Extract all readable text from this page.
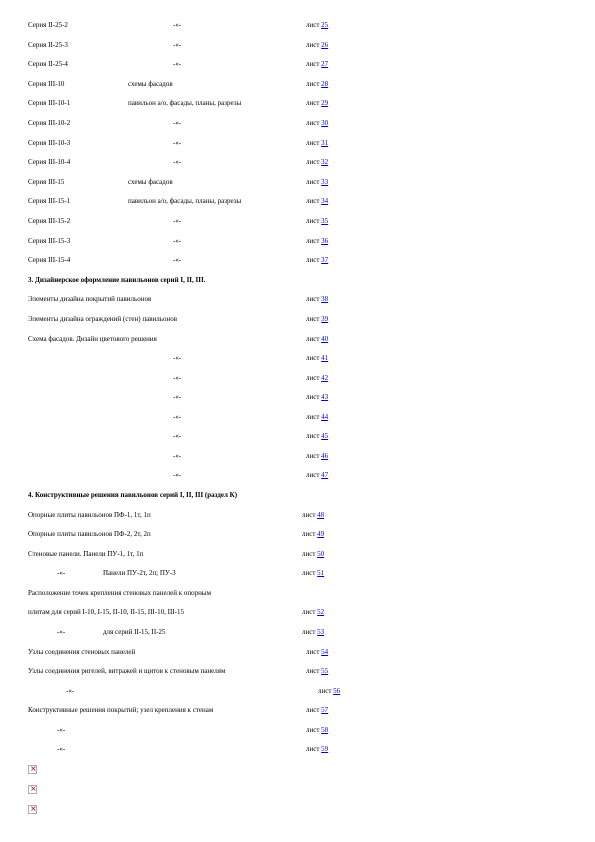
Серия II-25-2	-«-	лист 25
Серия II-25-3	-«-	лист 26
Серия II-25-4	-«-	лист 27
Серия III-10	схемы фасадов	лист 28
Серия III-10-1	павильон а/о, фасады, планы, разрезы	лист 29
Серия III-10-2	-«-	лист 30
Серия III-10-3	-«-	лист 31
Серия III-10-4	-«-	лист 32
Серия III-15	схемы фасадов	лист 33
Серия III-15-1	павильон а/о, фасады, планы, разрезы	лист 34
Серия III-15-2	-«-	лист 35
Серия III-15-3	-«-	лист 36
Серия III-15-4	-«-	лист 37
3. Дизайнерское оформление павильонов серий I, II, III.
Элементы дизайна покрытий павильонов	лист 38
Элементы дизайна ограждений (стен) павильонов	лист 39
Схема фасадов. Дизайн цветового решения	лист 40
-«-	лист 41
-«-	лист 42
-«-	лист 43
-«-	лист 44
-«-	лист 45
-«-	лист 46
-«-	лист 47
4. Конструктивные решения павильонов серий I, II, III (раздел К)
Опорные плиты павильонов ПФ-1, 1т, 1п	лист 48
Опорные плиты павильонов ПФ-2, 2т, 2п	лист 49
Стеновые панели. Панели ПУ-1, 1т, 1п	лист 50
-«-	Панели ПУ-2т, 2п; ПУ-3	лист 51
Расположение точек крепления стеновых панелей к опорным
плитам для серий I-10, I-15, II-10, II-15, III-10, III-15	лист 52
-«-	для серий II-15, II-25	лист 53
Узлы соединения стеновых панелей	лист 54
Узлы соединения ригелей, витражей и щитов к стеновым панелям	лист 55
-«-	лист 56
Конструктивные решения покрытий; узел крепления к стенам	лист 57
-«-	лист 58
-«-	лист 59
×
×
×
